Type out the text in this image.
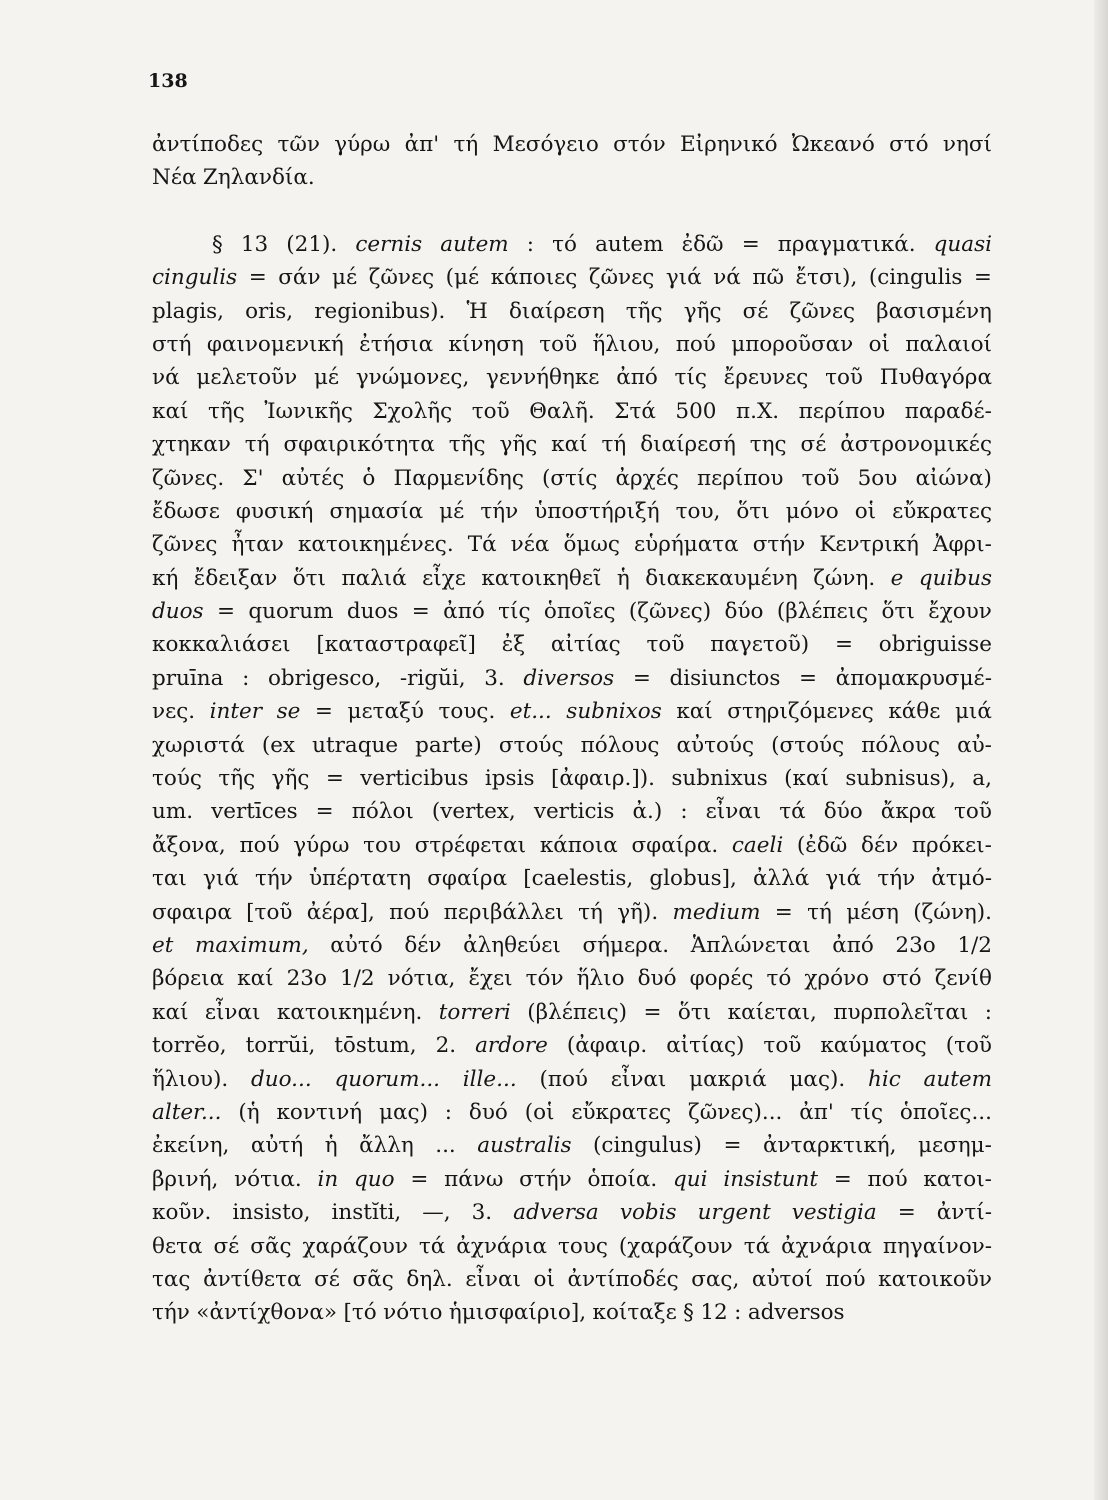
138
ἀντίποδες τῶν γύρω ἀπ' τή Μεσόγειο στόν Εἰρηνικό Ὠκεανό στό νησί
Νέα Ζηλανδία.
§ 13 (21). cernis autem : τό autem ἐδῶ = πραγματικά. quasi
cingulis = σάν μέ ζῶνες (μέ κάποιες ζῶνες γιά νά πῶ ἔτσι), (cingulis =
plagis, oris, regionibus). Ἡ διαίρεση τῆς γῆς σέ ζῶνες βασισμένη
στή φαινομενική ἐτήσια κίνηση τοῦ ἥλιου, πού μποροῦσαν οἱ παλαιοί
νά μελετοῦν μέ γνώμονες, γεννήθηκε ἀπό τίς ἔρευνες τοῦ Πυθαγόρα
καί τῆς Ἰωνικῆς Σχολῆς τοῦ Θαλῆ. Στά 500 π.Χ. περίπου παραδέ-
χτηκαν τή σφαιρικότητα τῆς γῆς καί τή διαίρεσή της σέ ἀστρονομικές
ζῶνες. Σ' αὐτές ὁ Παρμενίδης (στίς ἀρχές περίπου τοῦ 5ου αἰώνα)
ἔδωσε φυσική σημασία μέ τήν ὑποστήριξή του, ὅτι μόνο οἱ εὔκρατες
ζῶνες ἦταν κατοικημένες. Τά νέα ὅμως εὑρήματα στήν Κεντρική Ἀφρι-
κή ἔδειξαν ὅτι παλιά εἶχε κατοικηθεῖ ἡ διακεκαυμένη ζώνη. e quibus
duos = quorum duos = ἀπό τίς ὁποῖες (ζῶνες) δύο (βλέπεις ὅτι ἔχουν
κοκκαλιάσει [καταστραφεῖ] ἐξ αἰτίας τοῦ παγετοῦ) = obriguisse
pruīna : obrigesco, -rigŭi, 3. diversos = disiunctos = ἀπομακρυσμέ-
νες. inter se = μεταξύ τους. et... subnixos καί στηριζόμενες κάθε μιά
χωριστά (ex utraque parte) στούς πόλους αὐτούς (στούς πόλους αὐ-
τούς τῆς γῆς = verticibus ipsis [ἀφαιρ.]). subnixus (καί subnisus), a,
um. vertīces = πόλοι (vertex, verticis ἀ.) : εἶναι τά δύο ἄκρα τοῦ
ἄξονα, πού γύρω του στρέφεται κάποια σφαίρα. caeli (ἐδῶ δέν πρόκει-
ται γιά τήν ὑπέρτατη σφαίρα [caelestis, globus], ἀλλά γιά τήν ἀτμό-
σφαιρα [τοῦ ἀέρα], πού περιβάλλει τή γῆ). medium = τή μέση (ζώνη).
et maximum, αὐτό δέν ἀληθεύει σήμερα. Ἁπλώνεται ἀπό 23ο 1/2
βόρεια καί 23ο 1/2 νότια, ἔχει τόν ἥλιο δυό φορές τό χρόνο στό ζενίθ
καί εἶναι κατοικημένη. torreri (βλέπεις) = ὅτι καίεται, πυρπολεῖται :
torrĕo, torrŭi, tōstum, 2. ardore (ἀφαιρ. αἰτίας) τοῦ καύματος (τοῦ
ἥλιου). duo... quorum... ille... (πού εἶναι μακριά μας). hic autem
alter... (ἡ κοντινή μας) : δυό (οἱ εὔκρατες ζῶνες)... ἀπ' τίς ὁποῖες...
ἐκείνη, αὐτή ἡ ἄλλη ... australis (cingulus) = ἀνταρκτική, μεσημ-
βρινή, νότια. in quo = πάνω στήν ὁποία. qui insistunt = πού κατοι-
κοῦν. insisto, instĭti, —, 3. adversa vobis urgent vestigia = ἀντί-
θετα σέ σᾶς χαράζουν τά ἀχνάρια τους (χαράζουν τά ἀχνάρια πηγαίνον-
τας ἀντίθετα σέ σᾶς δηλ. εἶναι οἱ ἀντίποδές σας, αὐτοί πού κατοικοῦν
τήν «ἀντίχθονα» [τό νότιο ἡμισφαίριο], κοίταξε § 12 : adversos
